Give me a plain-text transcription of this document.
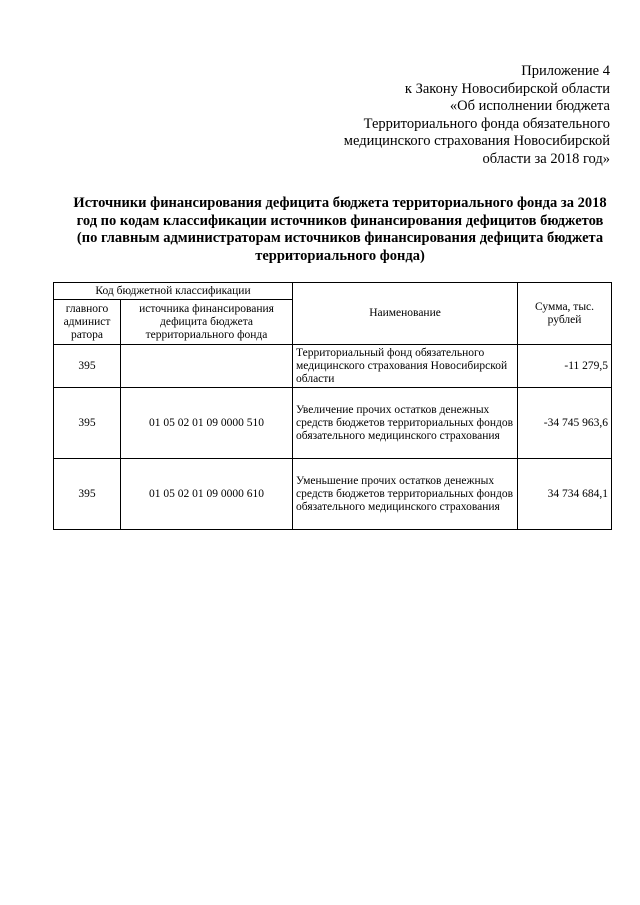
Приложение 4
к Закону Новосибирской области
«Об исполнении бюджета
Территориального фонда обязательного
медицинского страхования Новосибирской
области за 2018 год»
Источники финансирования дефицита бюджета территориального фонда за 2018 год по кодам классификации источников финансирования дефицитов бюджетов (по главным администраторам источников финансирования дефицита бюджета территориального фонда)
Код бюджетной классификации		Наименование	Сумма, тыс. рублей
главного админист ратора	источника финансирования дефицита бюджета территориального фонда		
395		Территориальный фонд обязательного медицинского страхования Новосибирской области	-11 279,5
395	01 05 02 01 09 0000 510	Увеличение прочих остатков денежных средств бюджетов территориальных фондов обязательного медицинского страхования	-34 745 963,6
395	01 05 02 01 09 0000 610	Уменьшение прочих остатков денежных средств бюджетов территориальных фондов обязательного медицинского страхования	34 734 684,1
